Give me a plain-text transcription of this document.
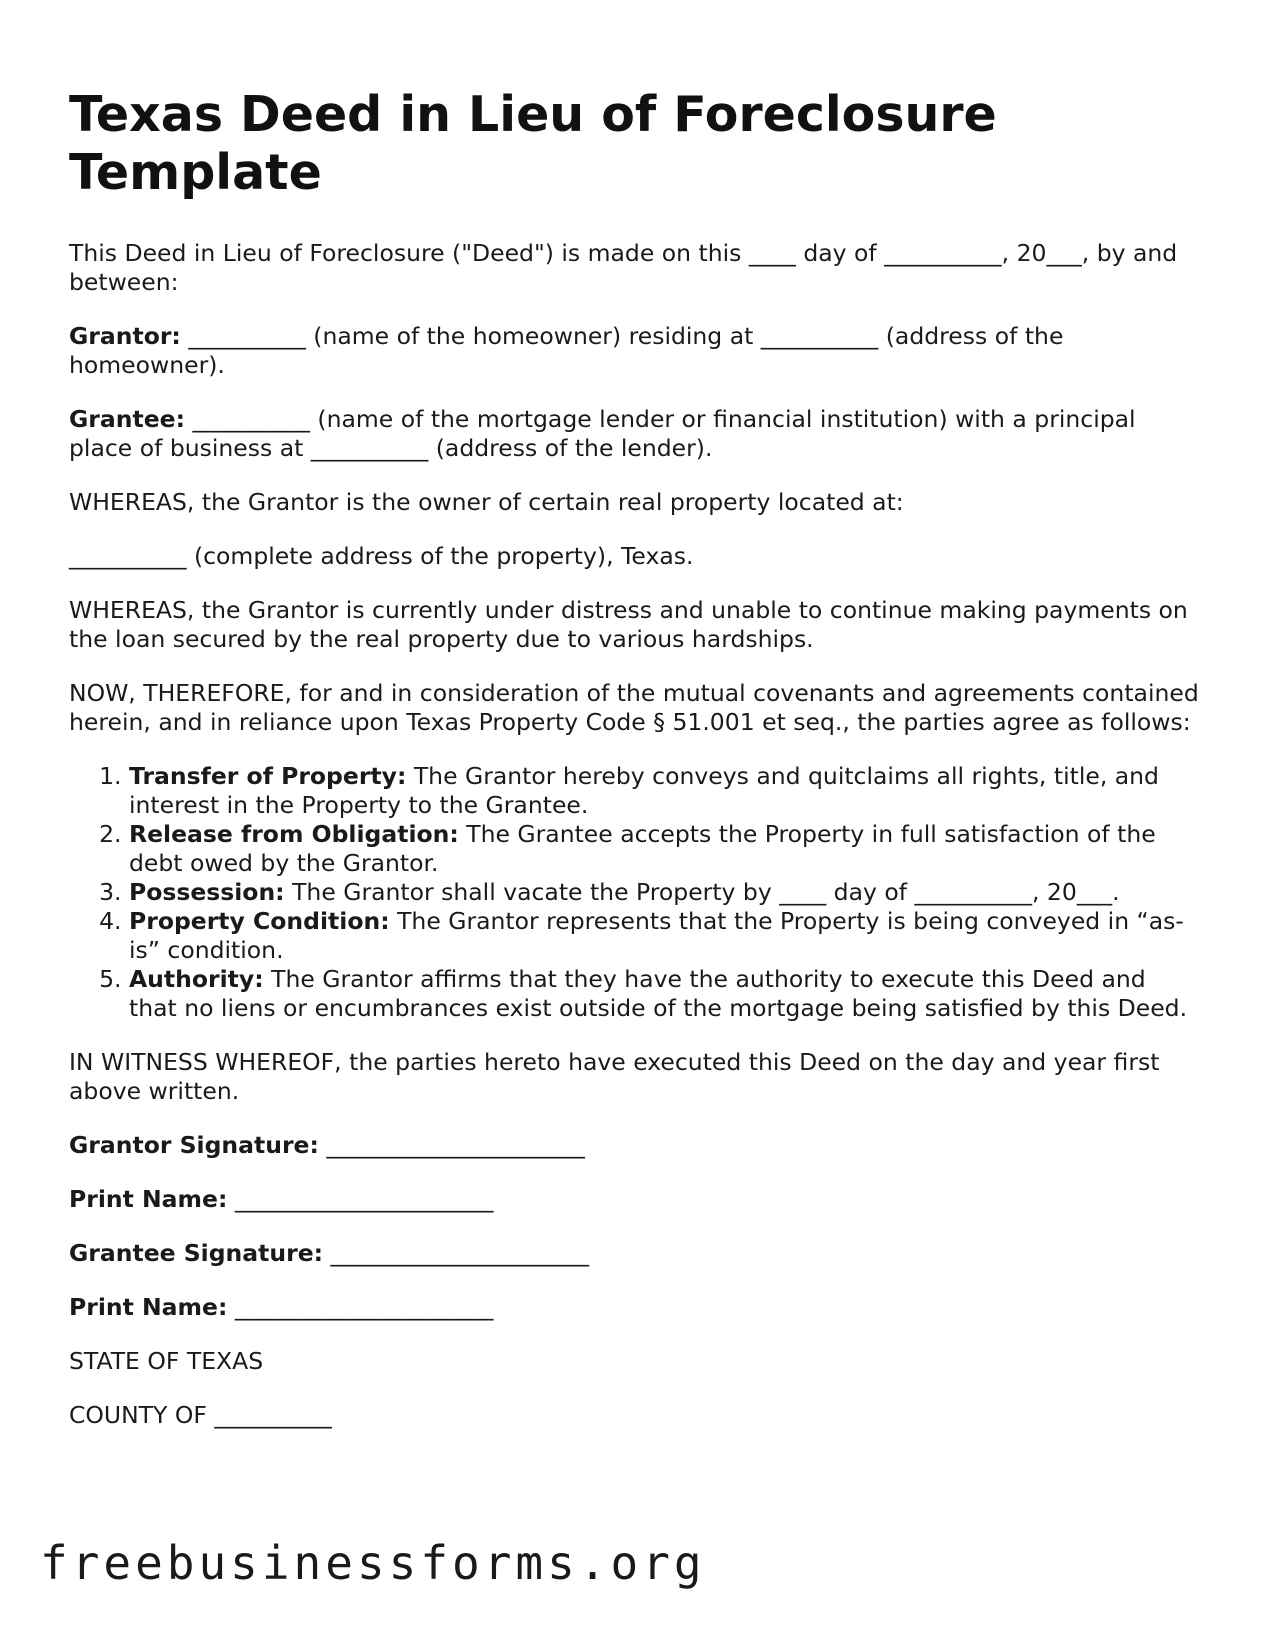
Texas Deed in Lieu of Foreclosure Template

This Deed in Lieu of Foreclosure ("Deed") is made on this ____ day of __________, 20___, by and between:

Grantor: __________ (name of the homeowner) residing at __________ (address of the homeowner).

Grantee: __________ (name of the mortgage lender or financial institution) with a principal place of business at __________ (address of the lender).

WHEREAS, the Grantor is the owner of certain real property located at:

__________ (complete address of the property), Texas.

WHEREAS, the Grantor is currently under distress and unable to continue making payments on the loan secured by the real property due to various hardships.

NOW, THEREFORE, for and in consideration of the mutual covenants and agreements contained herein, and in reliance upon Texas Property Code § 51.001 et seq., the parties agree as follows:

1. Transfer of Property: The Grantor hereby conveys and quitclaims all rights, title, and interest in the Property to the Grantee.
2. Release from Obligation: The Grantee accepts the Property in full satisfaction of the debt owed by the Grantor.
3. Possession: The Grantor shall vacate the Property by ____ day of __________, 20___.
4. Property Condition: The Grantor represents that the Property is being conveyed in “as-is” condition.
5. Authority: The Grantor affirms that they have the authority to execute this Deed and that no liens or encumbrances exist outside of the mortgage being satisfied by this Deed.

IN WITNESS WHEREOF, the parties hereto have executed this Deed on the day and year first above written.

Grantor Signature: ______________________

Print Name: ______________________

Grantee Signature: ______________________

Print Name: ______________________

STATE OF TEXAS

COUNTY OF __________

freebusinessforms.org
